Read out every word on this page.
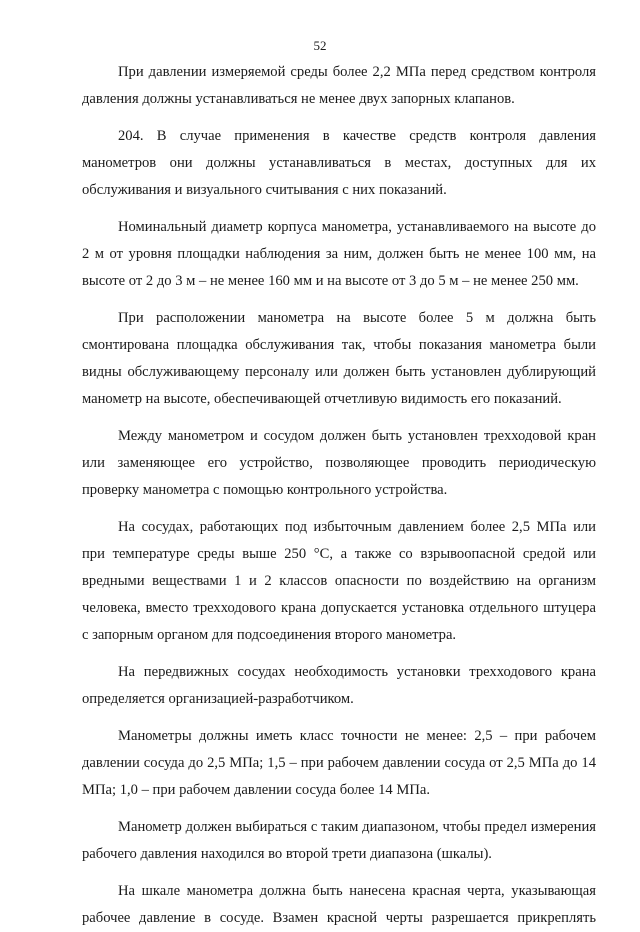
52

При давлении измеряемой среды более 2,2 МПа перед средством контроля давления должны устанавливаться не менее двух запорных клапанов.

204. В случае применения в качестве средств контроля давления манометров они должны устанавливаться в местах, доступных для их обслуживания и визуального считывания с них показаний.

Номинальный диаметр корпуса манометра, устанавливаемого на высоте до 2 м от уровня площадки наблюдения за ним, должен быть не менее 100 мм, на высоте от 2 до 3 м – не менее 160 мм и на высоте от 3 до 5 м – не менее 250 мм.

При расположении манометра на высоте более 5 м должна быть смонтирована площадка обслуживания так, чтобы показания манометра были видны обслуживающему персоналу или должен быть установлен дублирующий манометр на высоте, обеспечивающей отчетливую видимость его показаний.

Между манометром и сосудом должен быть установлен трехходовой кран или заменяющее его устройство, позволяющее проводить периодическую проверку манометра с помощью контрольного устройства.

На сосудах, работающих под избыточным давлением более 2,5 МПа или при температуре среды выше 250 °С, а также со взрывоопасной средой или вредными веществами 1 и 2 классов опасности по воздействию на организм человека, вместо трехходового крана допускается установка отдельного штуцера с запорным органом для подсоединения второго манометра.

На передвижных сосудах необходимость установки трехходового крана определяется организацией-разработчиком.

Манометры должны иметь класс точности не менее: 2,5 – при рабочем давлении сосуда до 2,5 МПа; 1,5 – при рабочем давлении сосуда от 2,5 МПа до 14 МПа; 1,0 – при рабочем давлении сосуда более 14 МПа.

Манометр должен выбираться с таким диапазоном, чтобы предел измерения рабочего давления находился во второй трети диапазона (шкалы).

На шкале манометра должна быть нанесена красная черта, указывающая рабочее давление в сосуде. Взамен красной черты разрешается прикреплять
